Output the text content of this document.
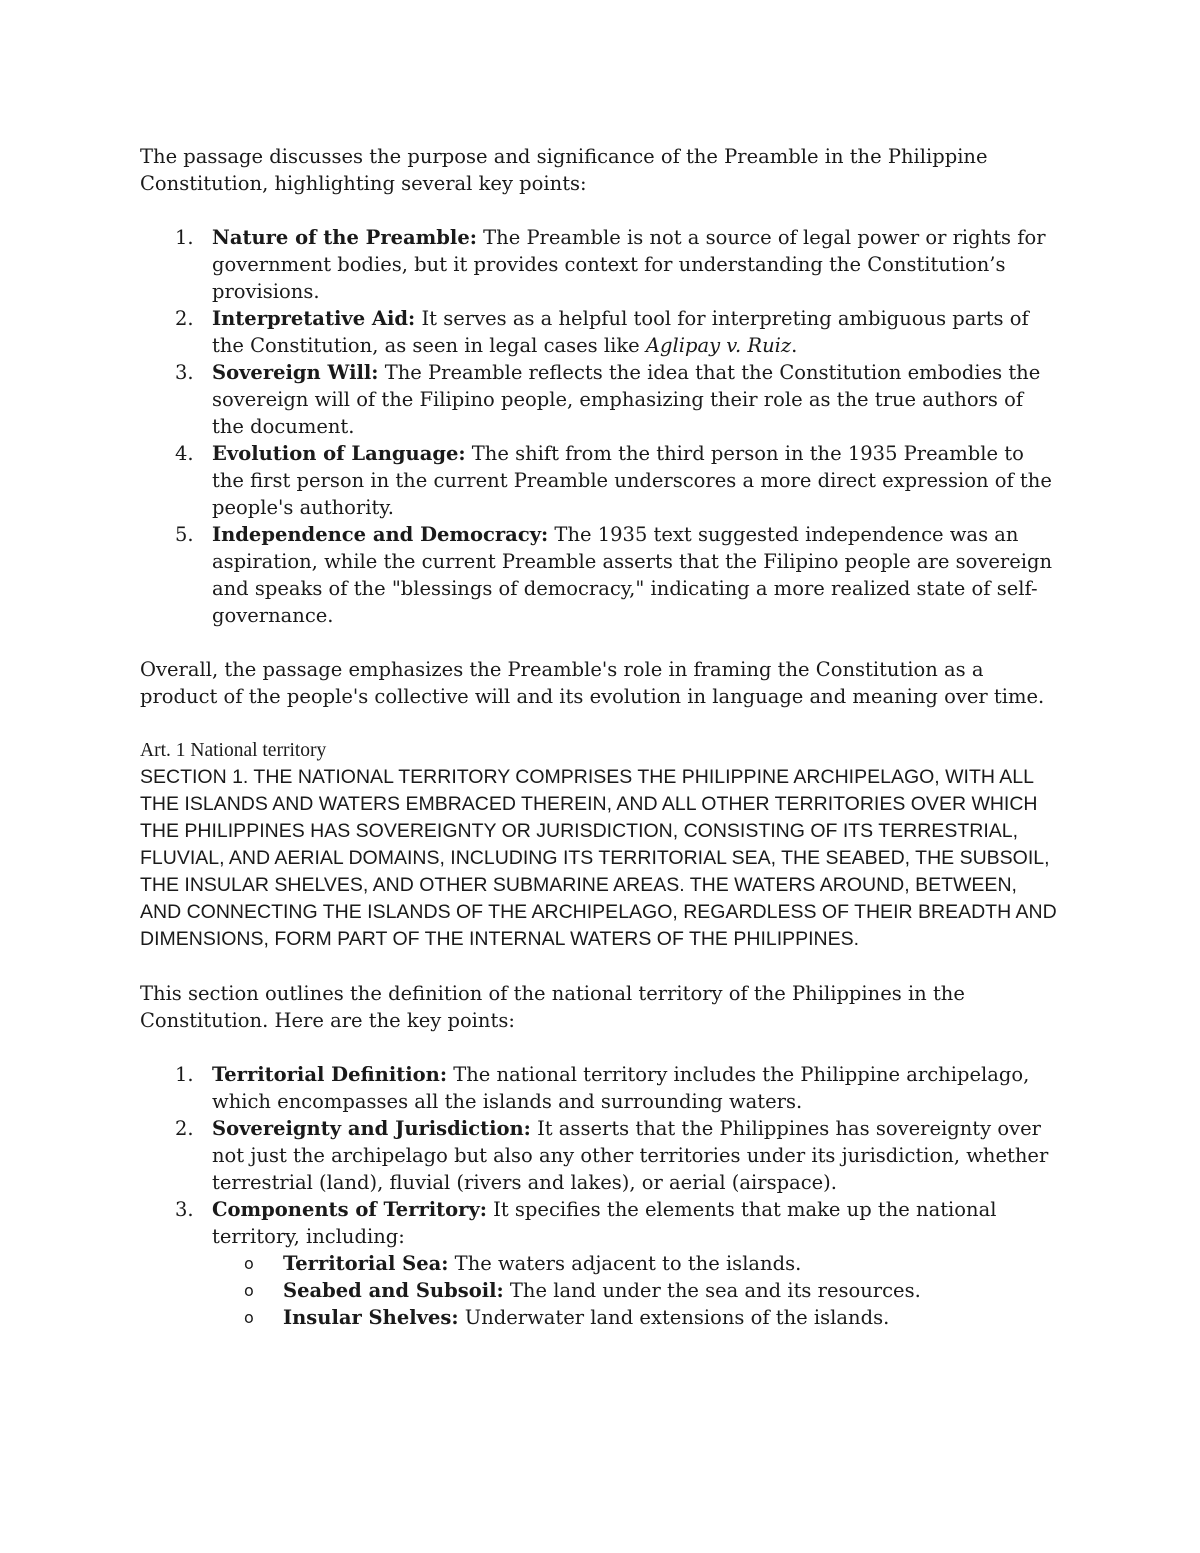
The passage discusses the purpose and significance of the Preamble in the Philippine Constitution, highlighting several key points:

1. Nature of the Preamble: The Preamble is not a source of legal power or rights for government bodies, but it provides context for understanding the Constitution’s provisions.
2. Interpretative Aid: It serves as a helpful tool for interpreting ambiguous parts of the Constitution, as seen in legal cases like Aglipay v. Ruiz.
3. Sovereign Will: The Preamble reflects the idea that the Constitution embodies the sovereign will of the Filipino people, emphasizing their role as the true authors of the document.
4. Evolution of Language: The shift from the third person in the 1935 Preamble to the first person in the current Preamble underscores a more direct expression of the people's authority.
5. Independence and Democracy: The 1935 text suggested independence was an aspiration, while the current Preamble asserts that the Filipino people are sovereign and speaks of the "blessings of democracy," indicating a more realized state of self-governance.

Overall, the passage emphasizes the Preamble's role in framing the Constitution as a product of the people's collective will and its evolution in language and meaning over time.

Art. 1 National territory

SECTION 1. THE NATIONAL TERRITORY COMPRISES THE PHILIPPINE ARCHIPELAGO, WITH ALL THE ISLANDS AND WATERS EMBRACED THEREIN, AND ALL OTHER TERRITORIES OVER WHICH THE PHILIPPINES HAS SOVEREIGNTY OR JURISDICTION, CONSISTING OF ITS TERRESTRIAL, FLUVIAL, AND AERIAL DOMAINS, INCLUDING ITS TERRITORIAL SEA, THE SEABED, THE SUBSOIL, THE INSULAR SHELVES, AND OTHER SUBMARINE AREAS. THE WATERS AROUND, BETWEEN, AND CONNECTING THE ISLANDS OF THE ARCHIPELAGO, REGARDLESS OF THEIR BREADTH AND DIMENSIONS, FORM PART OF THE INTERNAL WATERS OF THE PHILIPPINES.

This section outlines the definition of the national territory of the Philippines in the Constitution. Here are the key points:

1. Territorial Definition: The national territory includes the Philippine archipelago, which encompasses all the islands and surrounding waters.
2. Sovereignty and Jurisdiction: It asserts that the Philippines has sovereignty over not just the archipelago but also any other territories under its jurisdiction, whether terrestrial (land), fluvial (rivers and lakes), or aerial (airspace).
3. Components of Territory: It specifies the elements that make up the national territory, including:
o Territorial Sea: The waters adjacent to the islands.
o Seabed and Subsoil: The land under the sea and its resources.
o Insular Shelves: Underwater land extensions of the islands.
